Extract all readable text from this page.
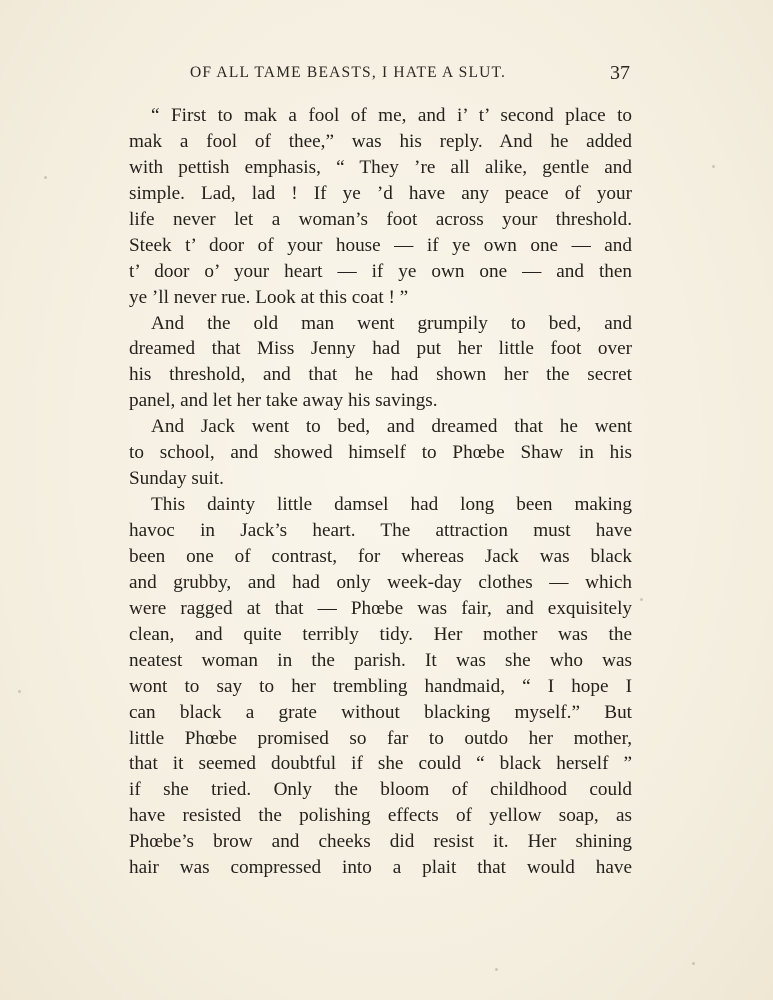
OF ALL TAME BEASTS, I HATE A SLUT.	37
“ First to mak a fool of me, and i’ t’ second place to
mak a fool of thee,” was his reply. And he added
with pettish emphasis, “ They ’re all alike, gentle and
simple. Lad, lad ! If ye ’d have any peace of your
life never let a woman’s foot across your threshold.
Steek t’ door of your house — if ye own one — and
t’ door o’ your heart — if ye own one — and then
ye ’ll never rue. Look at this coat ! ”
And the old man went grumpily to bed, and
dreamed that Miss Jenny had put her little foot over
his threshold, and that he had shown her the secret
panel, and let her take away his savings.
And Jack went to bed, and dreamed that he went
to school, and showed himself to Phœbe Shaw in his
Sunday suit.
This dainty little damsel had long been making
havoc in Jack’s heart. The attraction must have
been one of contrast, for whereas Jack was black
and grubby, and had only week-day clothes — which
were ragged at that — Phœbe was fair, and exquisitely
clean, and quite terribly tidy. Her mother was the
neatest woman in the parish. It was she who was
wont to say to her trembling handmaid, “ I hope I
can black a grate without blacking myself.” But
little Phœbe promised so far to outdo her mother,
that it seemed doubtful if she could “ black herself ”
if she tried. Only the bloom of childhood could
have resisted the polishing effects of yellow soap, as
Phœbe’s brow and cheeks did resist it. Her shining
hair was compressed into a plait that would have
